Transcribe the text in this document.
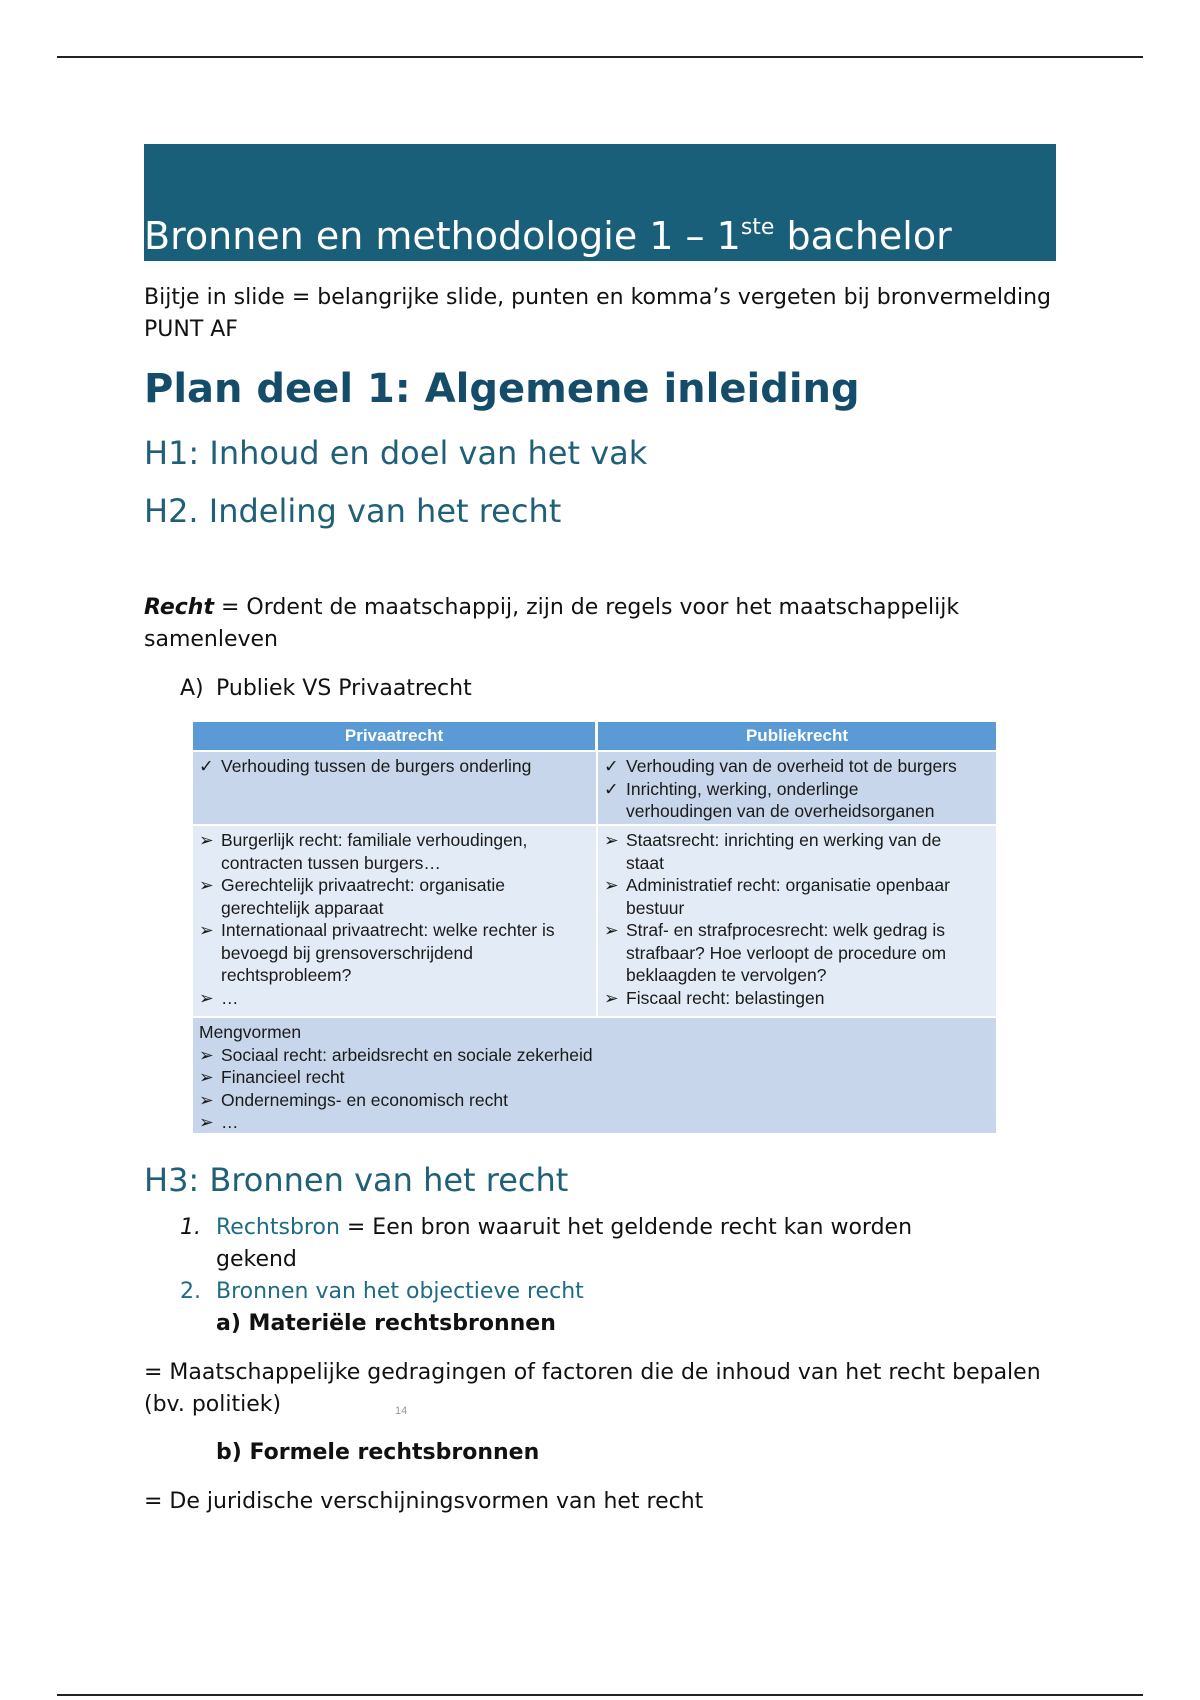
Bronnen en methodologie 1 – 1ste bachelor

Bijtje in slide = belangrijke slide, punten en komma’s vergeten bij bronvermelding PUNT AF

Plan deel 1: Algemene inleiding
H1: Inhoud en doel van het vak
H2. Indeling van het recht

Recht = Ordent de maatschappij, zijn de regels voor het maatschappelijk samenleven

A) Publiek VS Privaatrecht

Privaatrecht	Publiekrecht
✓ Verhouding tussen de burgers onderling	✓ Verhouding van de overheid tot de burgers
✓ Inrichting, werking, onderlinge
verhoudingen van de overheidsorganen
➢ Burgerlijk recht: familiale verhoudingen,
contracten tussen burgers…
➢ Gerechtelijk privaatrecht: organisatie
gerechtelijk apparaat
➢ Internationaal privaatrecht: welke rechter is
bevoegd bij grensoverschrijdend
rechtsprobleem?
➢ …
➢ Staatsrecht: inrichting en werking van de
staat
➢ Administratief recht: organisatie openbaar
bestuur
➢ Straf- en strafprocesrecht: welk gedrag is
strafbaar? Hoe verloopt de procedure om
beklaagden te vervolgen?
➢ Fiscaal recht: belastingen
Mengvormen
➢ Sociaal recht: arbeidsrecht en sociale zekerheid
➢ Financieel recht
➢ Ondernemings- en economisch recht
➢ …
14
H3: Bronnen van het recht

1. Rechtsbron = Een bron waaruit het geldende recht kan worden

gekend

2. Bronnen van het objectieve recht

a) Materiële rechtsbronnen

= Maatschappelijke gedragingen of factoren die de inhoud van het recht bepalen (bv. politiek)

b) Formele rechtsbronnen

= De juridische verschijningsvormen van het recht
